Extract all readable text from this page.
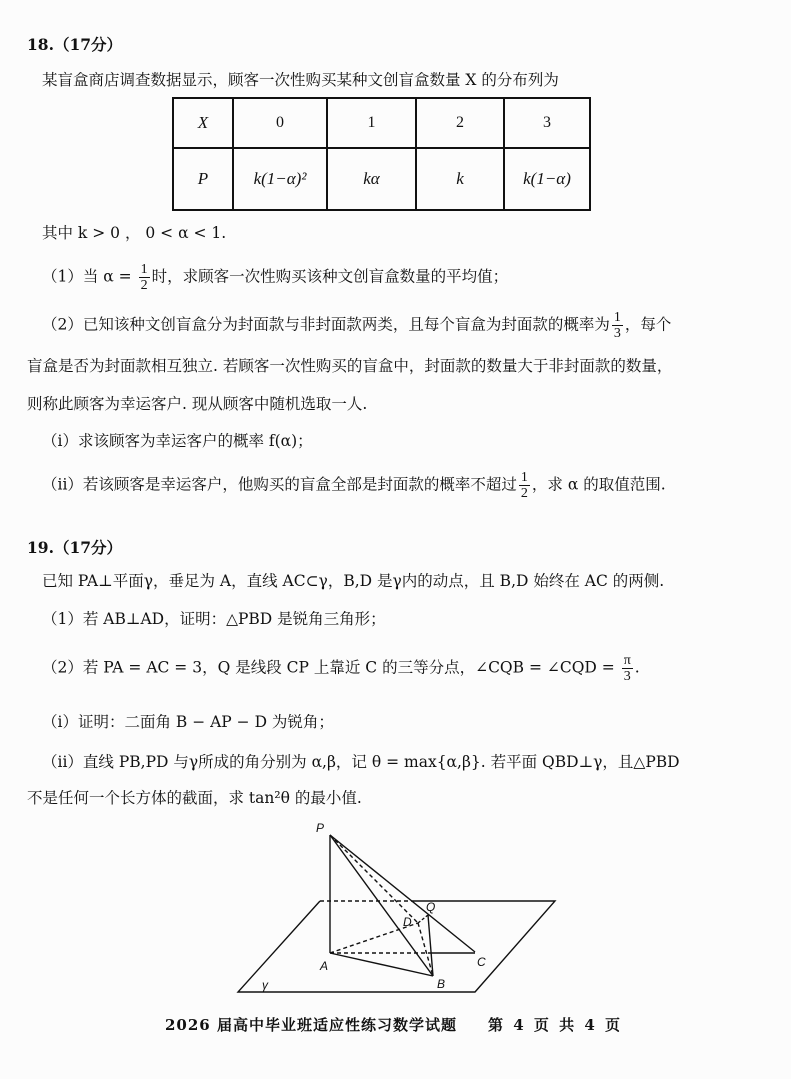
18.（17分）
某盲盒商店调查数据显示，顾客一次性购买某种文创盲盒数量 X 的分布列为
X	0	1	2	3
P	k(1−α)²	kα	k	k(1−α)
其中 k > 0 ， 0 < α < 1.
（1）当 $\alpha = \frac{1}{2}$ 时，求顾客一次性购买该种文创盲盒数量的平均值；
（2）已知该种文创盲盒分为封面款与非封面款两类，且每个盲盒为封面款的概率为 $\frac{1}{3}$ ，每个
盲盒是否为封面款相互独立. 若顾客一次性购买的盲盒中，封面款的数量大于非封面款的数量，
则称此顾客为幸运客户. 现从顾客中随机选取一人.
（i）求该顾客为幸运客户的概率 f(α)；
（ii）若该顾客是幸运客户，他购买的盲盒全部是封面款的概率不超过 $\frac{1}{2}$ ，求 α 的取值范围.
19.（17分）
已知 PA⊥平面γ，垂足为 A，直线 AC⊂γ，B,D 是γ内的动点，且 B,D 始终在 AC 的两侧.
（1）若 AB⊥AD，证明：△PBD 是锐角三角形；
（2）若 PA = AC = 3，Q 是线段 CP 上靠近 C 的三等分点，∠CQB = ∠CQD = $\frac{\pi}{3}$ .
（i）证明：二面角 B − AP − D 为锐角；
（ii）直线 PB,PD 与γ所成的角分别为 α,β，记 θ = max{α,β}. 若平面 QBD⊥γ，且△PBD
不是任何一个长方体的截面，求 tan²θ 的最小值.
P
A
B
C
D
Q
γ
2026 届高中毕业班适应性练习数学试题 第 4 页 共 4 页
